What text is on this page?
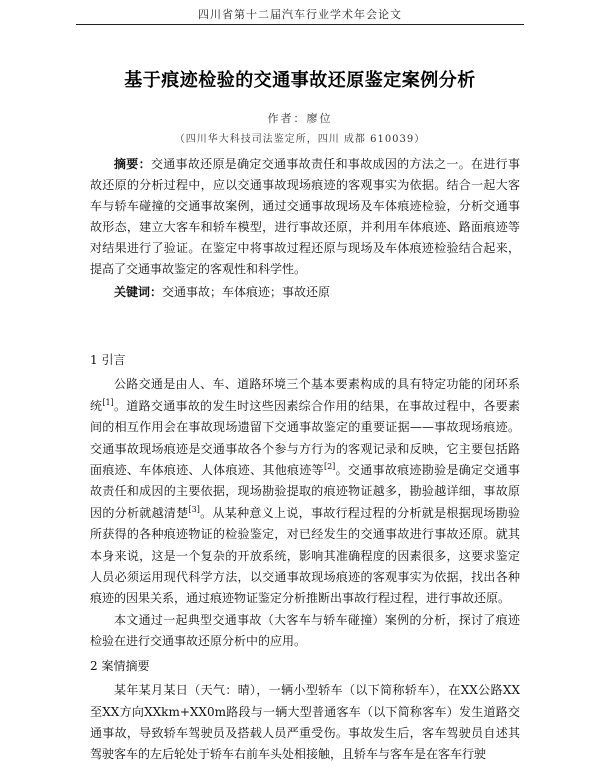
四川省第十二届汽车行业学术年会论文
基于痕迹检验的交通事故还原鉴定案例分析
作者：廖位
（四川华大科技司法鉴定所，四川 成都 610039）

摘要：交通事故还原是确定交通事故责任和事故成因的方法之一。在进行事故还原的分析过程中，应以交通事故现场痕迹的客观事实为依据。结合一起大客车与轿车碰撞的交通事故案例，通过交通事故现场及车体痕迹检验，分析交通事故形态，建立大客车和轿车模型，进行事故还原，并利用车体痕迹、路面痕迹等对结果进行了验证。在鉴定中将事故过程还原与现场及车体痕迹检验结合起来，提高了交通事故鉴定的客观性和科学性。

关键词：交通事故；车体痕迹；事故还原

1 引言

公路交通是由人、车、道路环境三个基本要素构成的具有特定功能的闭环系统[1]。道路交通事故的发生时这些因素综合作用的结果，在事故过程中，各要素间的相互作用会在事故现场遗留下交通事故鉴定的重要证据——事故现场痕迹。交通事故现场痕迹是交通事故各个参与方行为的客观记录和反映，它主要包括路面痕迹、车体痕迹、人体痕迹、其他痕迹等[2]。交通事故痕迹勘验是确定交通事故责任和成因的主要依据，现场勘验提取的痕迹物证越多，勘验越详细，事故原因的分析就越清楚[3]。从某种意义上说，事故行程过程的分析就是根据现场勘验所获得的各种痕迹物证的检验鉴定，对已经发生的交通事故进行事故还原。就其本身来说，这是一个复杂的开放系统，影响其准确程度的因素很多，这要求鉴定人员必须运用现代科学方法，以交通事故现场痕迹的客观事实为依据，找出各种痕迹的因果关系，通过痕迹物证鉴定分析推断出事故行程过程，进行事故还原。

本文通过一起典型交通事故（大客车与轿车碰撞）案例的分析，探讨了痕迹检验在进行交通事故还原分析中的应用。

2 案情摘要

某年某月某日（天气：晴），一辆小型轿车（以下简称轿车），在XX公路XX至XX方向XXkm+XX0m路段与一辆大型普通客车（以下简称客车）发生道路交通事故，导致轿车驾驶员及搭载人员严重受伤。事故发生后，客车驾驶员自述其驾驶客车的左后轮处于轿车右前车头处相接触，且轿车与客车是在客车行驶
